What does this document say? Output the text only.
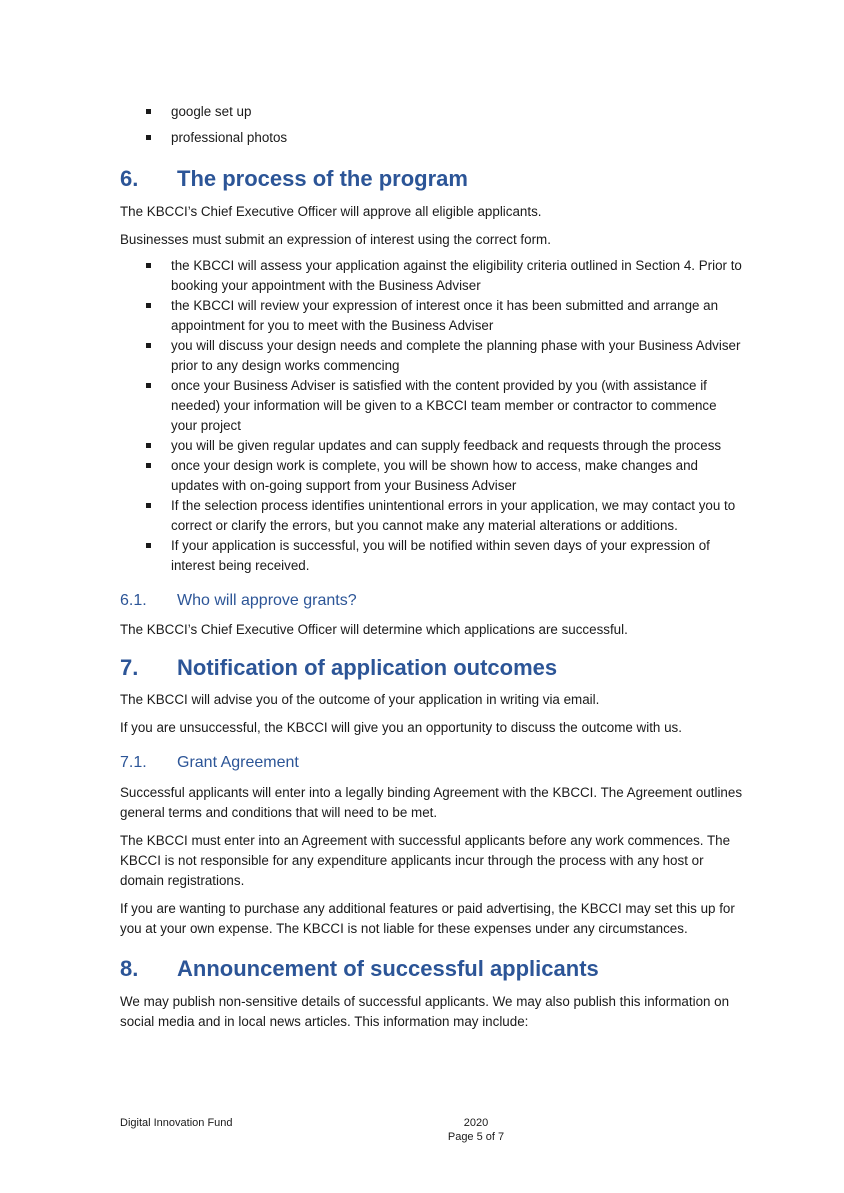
google set up
professional photos
6.	The process of the program

The KBCCI’s Chief Executive Officer will approve all eligible applicants.

Businesses must submit an expression of interest using the correct form.

the KBCCI will assess your application against the eligibility criteria outlined in Section 4. Prior to booking your appointment with the Business Adviser
the KBCCI will review your expression of interest once it has been submitted and arrange an appointment for you to meet with the Business Adviser
you will discuss your design needs and complete the planning phase with your Business Adviser prior to any design works commencing
once your Business Adviser is satisfied with the content provided by you (with assistance if needed) your information will be given to a KBCCI team member or contractor to commence your project
you will be given regular updates and can supply feedback and requests through the process
once your design work is complete, you will be shown how to access, make changes and updates with on-going support from your Business Adviser
If the selection process identifies unintentional errors in your application, we may contact you to correct or clarify the errors, but you cannot make any material alterations or additions.
If your application is successful, you will be notified within seven days of your expression of interest being received.
6.1.	Who will approve grants?

The KBCCI’s Chief Executive Officer will determine which applications are successful.

7.	Notification of application outcomes

The KBCCI will advise you of the outcome of your application in writing via email.

If you are unsuccessful, the KBCCI will give you an opportunity to discuss the outcome with us.

7.1.	Grant Agreement

Successful applicants will enter into a legally binding Agreement with the KBCCI. The Agreement outlines general terms and conditions that will need to be met.

The KBCCI must enter into an Agreement with successful applicants before any work commences. The KBCCI is not responsible for any expenditure applicants incur through the process with any host or domain registrations.

If you are wanting to purchase any additional features or paid advertising, the KBCCI may set this up for you at your own expense. The KBCCI is not liable for these expenses under any circumstances.

8.	Announcement of successful applicants

We may publish non-sensitive details of successful applicants. We may also publish this information on social media and in local news articles. This information may include:

Digital Innovation Fund	2020
Page 5 of 7
